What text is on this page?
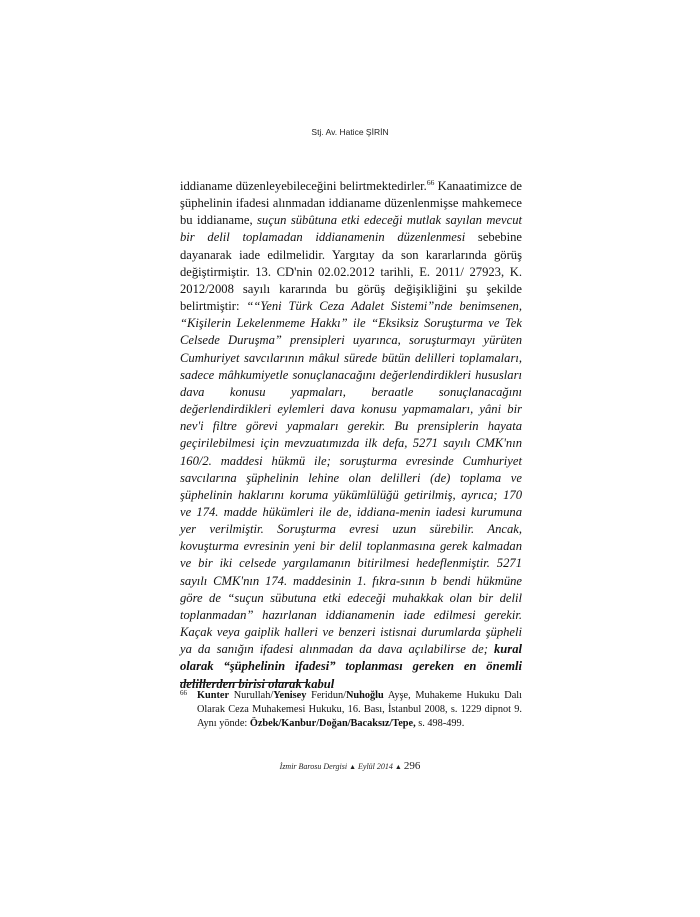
Stj. Av. Hatice ŞİRİN

iddianame düzenleyebileceğini belirtmektedirler.$^{66}$ Kanaatimizce de şüphelinin ifadesi alınmadan iddianame düzenlenmişse mahkemece bu iddianame, suçun sübûtuna etki edeceği mutlak sayılan mevcut bir delil toplamadan iddianamenin düzenlenmesi sebebine dayanarak iade edilmelidir. Yargıtay da son kararlarında görüş değiştirmiştir. 13. CD'nin 02.02.2012 tarihli, E. 2011/ 27923, K. 2012/2008 sayılı kararında bu görüş değişikliğini şu şekilde belirtmiştir: ““Yeni Türk Ceza Adalet Sistemi”nde benimsenen, “Kişilerin Lekelenmeme Hakkı” ile “Eksiksiz Soruşturma ve Tek Celsede Duruşma” prensipleri uyarınca, soruşturmayı yürüten Cumhuriyet savcılarının mâkul sürede bütün delilleri toplamaları, sadece mâhkumiyetle sonuçlanacağını değerlendirdikleri hususları dava konusu yapmaları, beraatle sonuçlanacağını değerlendirdikleri eylemleri dava konusu yapmamaları, yâni bir nev'i filtre görevi yapmaları gerekir. Bu prensiplerin hayata geçirilebilmesi için mevzuatımızda ilk defa, 5271 sayılı CMK'nın 160/2. maddesi hükmü ile; soruşturma evresinde Cumhuriyet savcılarına şüphelinin lehine olan delilleri (de) toplama ve şüphelinin haklarını koruma yükümlülüğü getirilmiş, ayrıca; 170 ve 174. madde hükümleri ile de, iddiana-menin iadesi kurumuna yer verilmiştir. Soruşturma evresi uzun sürebilir. Ancak, kovuşturma evresinin yeni bir delil toplanmasına gerek kalmadan ve bir iki celsede yargılamanın bitirilmesi hedeflenmiştir. 5271 sayılı CMK'nın 174. maddesinin 1. fıkra-sının b bendi hükmüne göre de “suçun sübutuna etki edeceği muhakkak olan bir delil toplanmadan” hazırlanan iddianamenin iade edilmesi gerekir. Kaçak veya gaiplik halleri ve benzeri istisnai durumlarda şüpheli ya da sanığın ifadesi alınmadan da dava açılabilirse de; kural olarak “şüphelinin ifadesi” toplanması gereken en önemli delillerden birisi olarak kabul

66 Kunter Nurullah/Yenisey Feridun/Nuhoğlu Ayşe, Muhakeme Hukuku Dalı Olarak Ceza Muhakemesi Hukuku, 16. Bası, İstanbul 2008, s. 1229 dipnot 9. Aynı yönde: Özbek/Kanbur/Doğan/Bacaksız/Tepe, s. 498-499.
İzmir Barosu Dergisi ▲ Eylül 2014 ▲ 296
